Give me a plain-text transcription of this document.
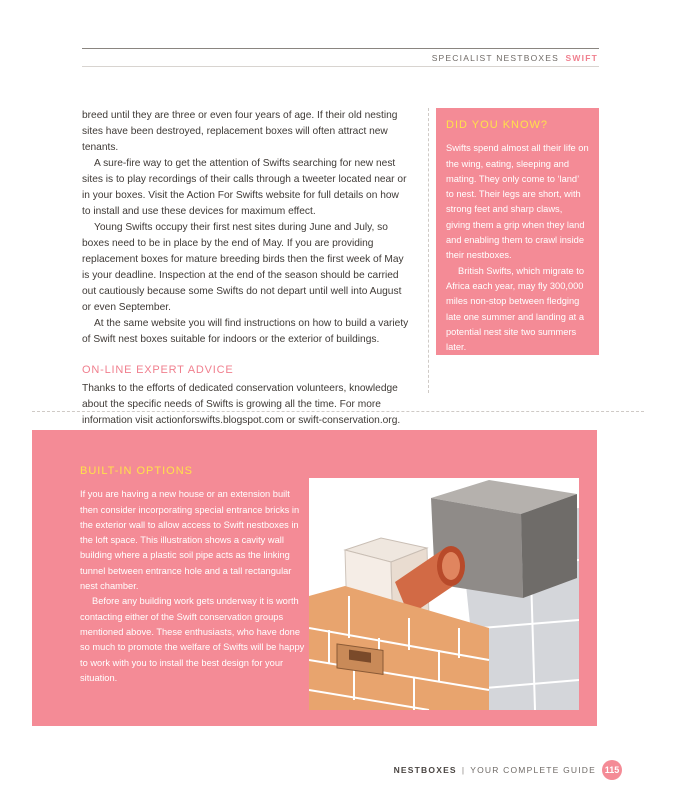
SPECIALIST NESTBOXES SWIFT

breed until they are three or even four years of age. If their old nesting sites have been destroyed, replacement boxes will often attract new tenants.

A sure-fire way to get the attention of Swifts searching for new nest sites is to play recordings of their calls through a tweeter located near or in your boxes. Visit the Action For Swifts website for full details on how to install and use these devices for maximum effect.

Young Swifts occupy their first nest sites during June and July, so boxes need to be in place by the end of May. If you are providing replacement boxes for mature breeding birds then the first week of May is your deadline. Inspection at the end of the season should be carried out cautiously because some Swifts do not depart until well into August or even September.

At the same website you will find instructions on how to build a variety of Swift nest boxes suitable for indoors or the exterior of buildings.

ON-LINE EXPERT ADVICE

Thanks to the efforts of dedicated conservation volunteers, knowledge about the specific needs of Swifts is growing all the time. For more information visit actionforswifts.blogspot.com or swift-conservation.org.

DID YOU KNOW?

Swifts spend almost all their life on the wing, eating, sleeping and mating. They only come to ‘land’ to nest. Their legs are short, with strong feet and sharp claws, giving them a grip when they land and enabling them to crawl inside their nestboxes.

British Swifts, which migrate to Africa each year, may fly 300,000 miles non-stop between fledging late one summer and landing at a potential nest site two summers later.

BUILT-IN OPTIONS

If you are having a new house or an extension built then consider incorporating special entrance bricks in the exterior wall to allow access to Swift nestboxes in the loft space. This illustration shows a cavity wall building where a plastic soil pipe acts as the linking tunnel between entrance hole and a tall rectangular nest chamber.

Before any building work gets underway it is worth contacting either of the Swift conservation groups mentioned above. These enthusiasts, who have done so much to promote the welfare of Swifts will be happy to work with you to install the best design for your situation.

NESTBOXES | YOUR COMPLETE GUIDE 115
